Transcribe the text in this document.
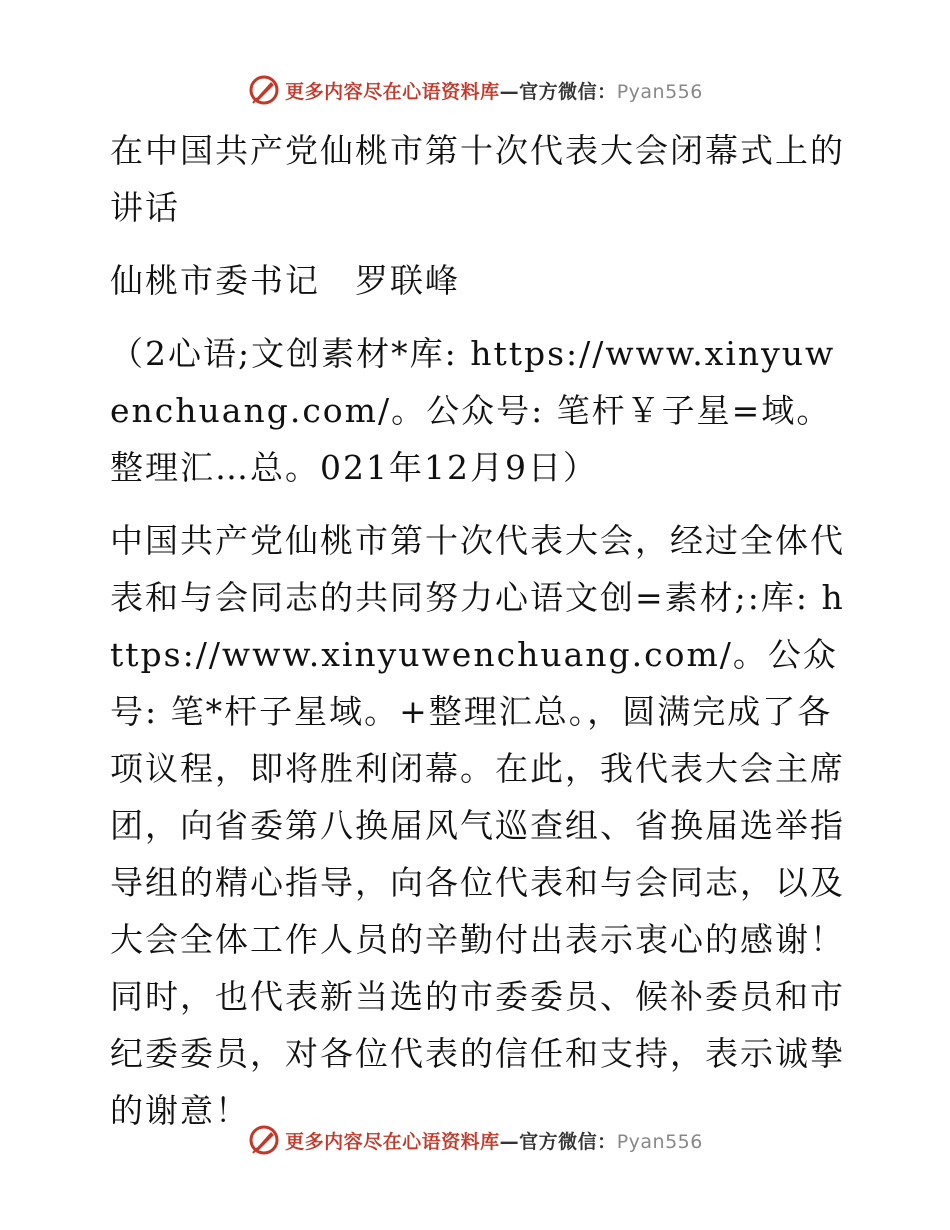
更多内容尽在心语资料库—官方微信：Pyan556

在中国共产党仙桃市第十次代表大会闭幕式上的讲话

仙桃市委书记　罗联峰

（2心语;文创素材*库: https://www.xinyuwenchuang.com/。公众号: 笔杆￥子星=域。整理汇…总。021年12月9日）

中国共产党仙桃市第十次代表大会，经过全体代表和与会同志的共同努力心语文创=素材;:库: https://www.xinyuwenchuang.com/。公众号: 笔*杆子星域。+整理汇总。，圆满完成了各项议程，即将胜利闭幕。在此，我代表大会主席团，向省委第八换届风气巡查组、省换届选举指导组的精心指导，向各位代表和与会同志，以及大会全体工作人员的辛勤付出表示衷心的感谢！同时，也代表新当选的市委委员、候补委员和市纪委委员，对各位代表的信任和支持，表示诚挚的谢意！

更多内容尽在心语资料库—官方微信：Pyan556
